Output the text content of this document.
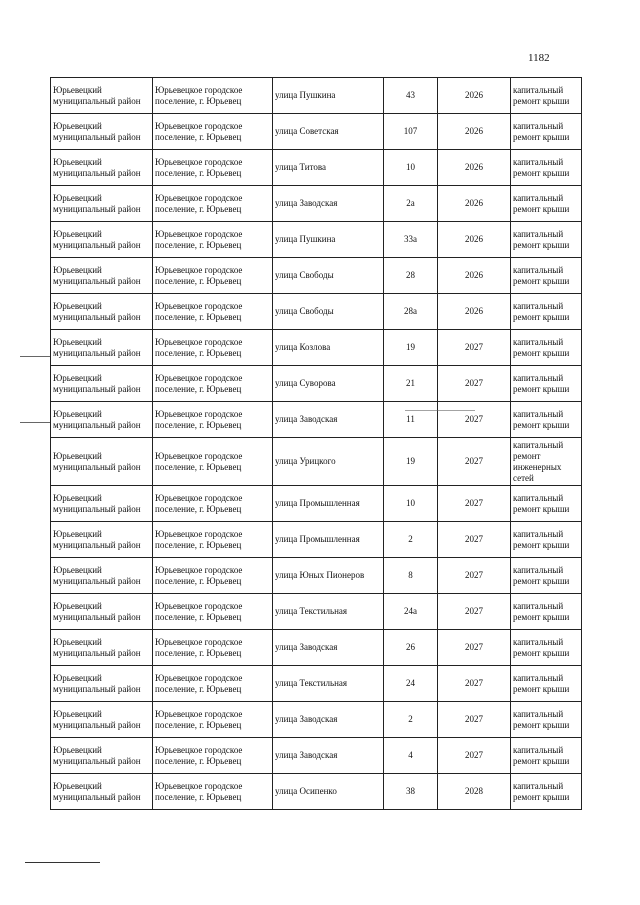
1182
Юрьевецкий муниципальный район	Юрьевецкое городское поселение, г. Юрьевец	улица Пушкина	43	2026	капитальный ремонт крыши
Юрьевецкий муниципальный район	Юрьевецкое городское поселение, г. Юрьевец	улица Советская	107	2026	капитальный ремонт крыши
Юрьевецкий муниципальный район	Юрьевецкое городское поселение, г. Юрьевец	улица Титова	10	2026	капитальный ремонт крыши
Юрьевецкий муниципальный район	Юрьевецкое городское поселение, г. Юрьевец	улица Заводская	2а	2026	капитальный ремонт крыши
Юрьевецкий муниципальный район	Юрьевецкое городское поселение, г. Юрьевец	улица Пушкина	33а	2026	капитальный ремонт крыши
Юрьевецкий муниципальный район	Юрьевецкое городское поселение, г. Юрьевец	улица Свободы	28	2026	капитальный ремонт крыши
Юрьевецкий муниципальный район	Юрьевецкое городское поселение, г. Юрьевец	улица Свободы	28а	2026	капитальный ремонт крыши
Юрьевецкий муниципальный район	Юрьевецкое городское поселение, г. Юрьевец	улица Козлова	19	2027	капитальный ремонт крыши
Юрьевецкий муниципальный район	Юрьевецкое городское поселение, г. Юрьевец	улица Суворова	21	2027	капитальный ремонт крыши
Юрьевецкий муниципальный район	Юрьевецкое городское поселение, г. Юрьевец	улица Заводская	11	2027	капитальный ремонт крыши
Юрьевецкий муниципальный район	Юрьевецкое городское поселение, г. Юрьевец	улица Урицкого	19	2027	капитальный ремонт инженерных сетей
Юрьевецкий муниципальный район	Юрьевецкое городское поселение, г. Юрьевец	улица Промышленная	10	2027	капитальный ремонт крыши
Юрьевецкий муниципальный район	Юрьевецкое городское поселение, г. Юрьевец	улица Промышленная	2	2027	капитальный ремонт крыши
Юрьевецкий муниципальный район	Юрьевецкое городское поселение, г. Юрьевец	улица Юных Пионеров	8	2027	капитальный ремонт крыши
Юрьевецкий муниципальный район	Юрьевецкое городское поселение, г. Юрьевец	улица Текстильная	24а	2027	капитальный ремонт крыши
Юрьевецкий муниципальный район	Юрьевецкое городское поселение, г. Юрьевец	улица Заводская	26	2027	капитальный ремонт крыши
Юрьевецкий муниципальный район	Юрьевецкое городское поселение, г. Юрьевец	улица Текстильная	24	2027	капитальный ремонт крыши
Юрьевецкий муниципальный район	Юрьевецкое городское поселение, г. Юрьевец	улица Заводская	2	2027	капитальный ремонт крыши
Юрьевецкий муниципальный район	Юрьевецкое городское поселение, г. Юрьевец	улица Заводская	4	2027	капитальный ремонт крыши
Юрьевецкий муниципальный район	Юрьевецкое городское поселение, г. Юрьевец	улица Осипенко	38	2028	капитальный ремонт крыши
